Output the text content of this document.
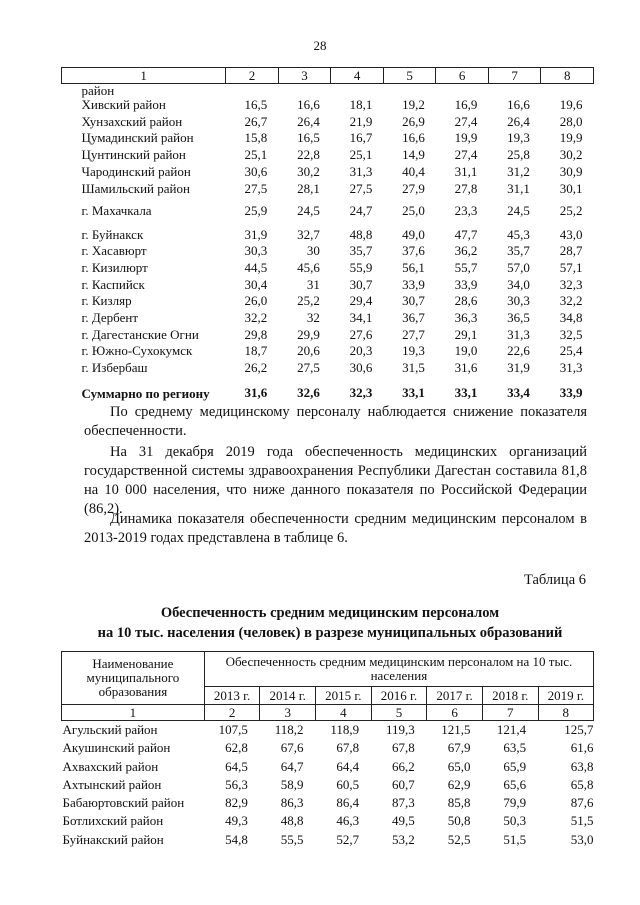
28
1	2	3	4	5	6	7	8
район							
Хивский район	16,5	16,6	18,1	19,2	16,9	16,6	19,6
Хунзахский район	26,7	26,4	21,9	26,9	27,4	26,4	28,0
Цумадинский район	15,8	16,5	16,7	16,6	19,9	19,3	19,9
Цунтинский район	25,1	22,8	25,1	14,9	27,4	25,8	30,2
Чародинский район	30,6	30,2	31,3	40,4	31,1	31,2	30,9
Шамильский район	27,5	28,1	27,5	27,9	27,8	31,1	30,1
г. Махачкала	25,9	24,5	24,7	25,0	23,3	24,5	25,2
г. Буйнакск	31,9	32,7	48,8	49,0	47,7	45,3	43,0
г. Хасавюрт	30,3	30	35,7	37,6	36,2	35,7	28,7
г. Кизилюрт	44,5	45,6	55,9	56,1	55,7	57,0	57,1
г. Каспийск	30,4	31	30,7	33,9	33,9	34,0	32,3
г. Кизляр	26,0	25,2	29,4	30,7	28,6	30,3	32,2
г. Дербент	32,2	32	34,1	36,7	36,3	36,5	34,8
г. Дагестанские Огни	29,8	29,9	27,6	27,7	29,1	31,3	32,5
г. Южно-Сухокумск	18,7	20,6	20,3	19,3	19,0	22,6	25,4
г. Избербаш	26,2	27,5	30,6	31,5	31,6	31,9	31,3
Суммарно по региону	31,6	32,6	32,3	33,1	33,1	33,4	33,9

По среднему медицинскому персоналу наблюдается снижение показателя обеспеченности.

На 31 декабря 2019 года обеспеченность медицинских организаций государственной системы здравоохранения Республики Дагестан составила 81,8 на 10 000 населения, что ниже данного показателя по Российской Федерации (86,2).

Динамика показателя обеспеченности средним медицинским персоналом в 2013-2019 годах представлена в таблице 6.

Таблица 6
Обеспеченность средним медицинским персоналом
на 10 тыс. населения (человек) в разрезе муниципальных образований
Наименование муниципального образования	Обеспеченность средним медицинским персоналом на 10 тыс. населения						
	2013 г.	2014 г.	2015 г.	2016 г.	2017 г.	2018 г.	2019 г.
1	2	3	4	5	6	7	8
Агульский район	107,5	118,2	118,9	119,3	121,5	121,4	125,7
Акушинский район	62,8	67,6	67,8	67,8	67,9	63,5	61,6
Ахвахский район	64,5	64,7	64,4	66,2	65,0	65,9	63,8
Ахтынский район	56,3	58,9	60,5	60,7	62,9	65,6	65,8
Бабаюртовский район	82,9	86,3	86,4	87,3	85,8	79,9	87,6
Ботлихский район	49,3	48,8	46,3	49,5	50,8	50,3	51,5
Буйнакский район	54,8	55,5	52,7	53,2	52,5	51,5	53,0
